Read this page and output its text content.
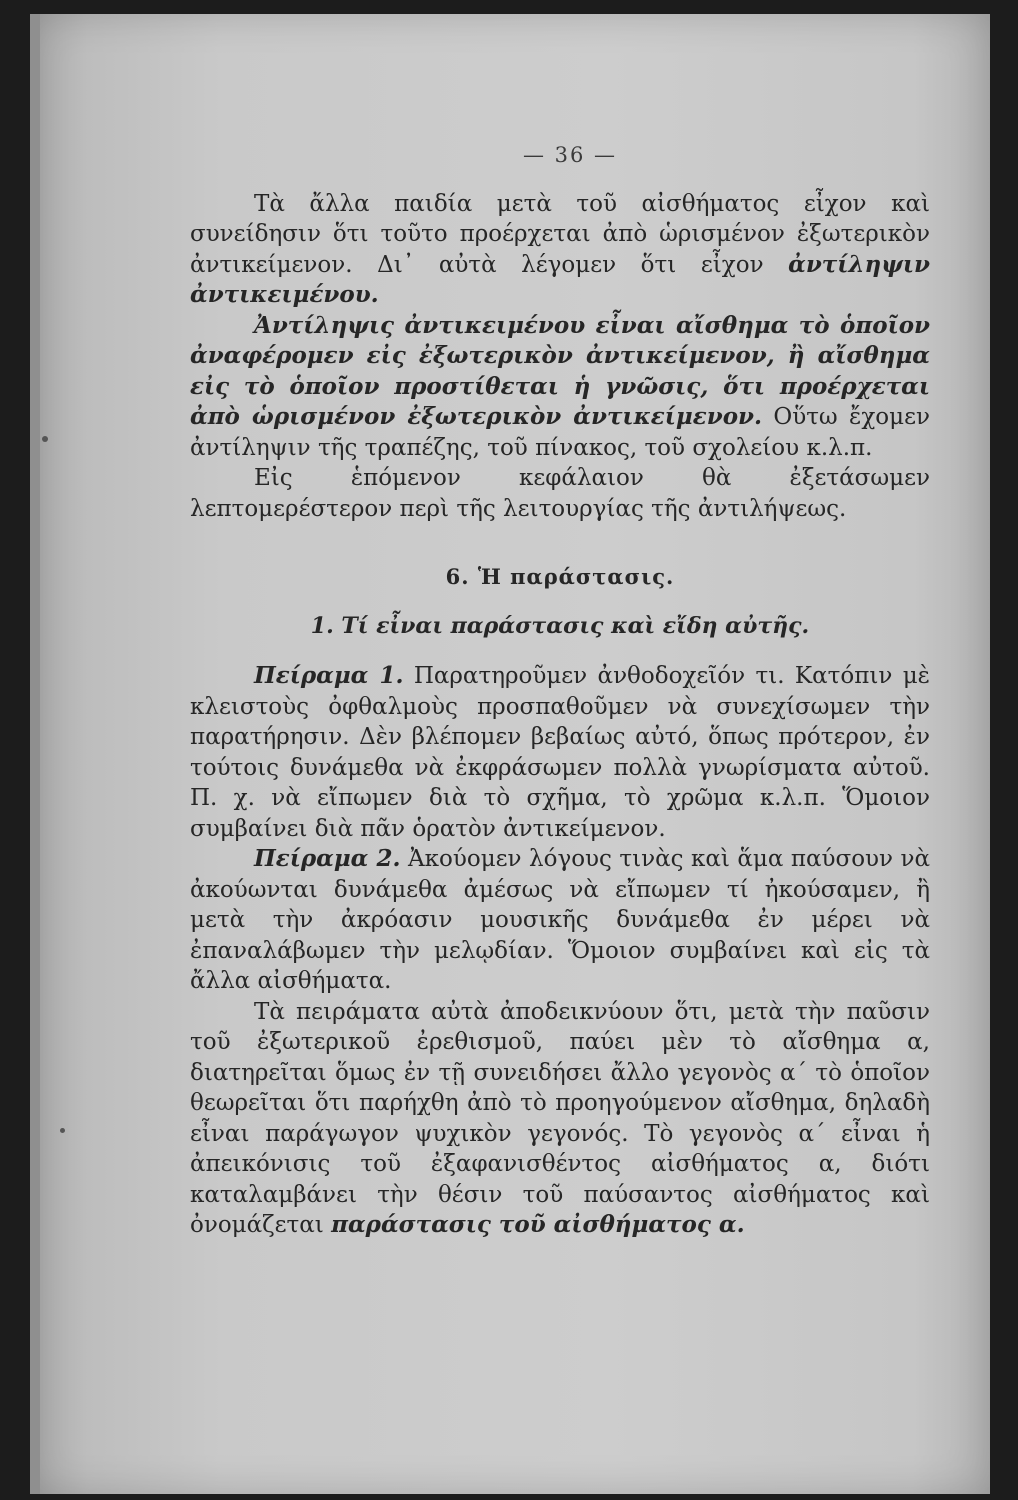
— 36 —

Τὰ ἄλλα παιδία μετὰ τοῦ αἰσθήματος εἶχον καὶ συνείδησιν ὅτι τοῦτο προέρχεται ἀπὸ ὡρισμένον ἐξωτερικὸν ἀντικείμενον. Δι᾽ αὐτὰ λέγομεν ὅτι εἶχον ἀντίληψιν ἀντικειμένου.

Ἀντίληψις ἀντικειμένου εἶναι αἴσθημα τὸ ὁποῖον ἀναφέρομεν εἰς ἐξωτερικὸν ἀντικείμενον, ἢ αἴσθημα εἰς τὸ ὁποῖον προστίθεται ἡ γνῶσις, ὅτι προέρχεται ἀπὸ ὡρισμένον ἐξωτερικὸν ἀντικείμενον. Οὕτω ἔχομεν ἀντίληψιν τῆς τραπέζης, τοῦ πίνακος, τοῦ σχολείου κ.λ.π.

Εἰς ἑπόμενον κεφάλαιον θὰ ἐξετάσωμεν λεπτομερέστερον περὶ τῆς λειτουργίας τῆς ἀντιλήψεως.

6. Ἡ παράστασις.
1. Τί εἶναι παράστασις καὶ εἴδη αὐτῆς.

Πείραμα 1. Παρατηροῦμεν ἀνθοδοχεῖόν τι. Κατόπιν μὲ κλειστοὺς ὀφθαλμοὺς προσπαθοῦμεν νὰ συνεχίσωμεν τὴν παρατήρησιν. Δὲν βλέπομεν βεβαίως αὐτό, ὅπως πρότερον, ἐν τούτοις δυνάμεθα νὰ ἐκφράσωμεν πολλὰ γνωρίσματα αὐτοῦ. Π. χ. νὰ εἴπωμεν διὰ τὸ σχῆμα, τὸ χρῶμα κ.λ.π. Ὅμοιον συμβαίνει διὰ πᾶν ὁρατὸν ἀντικείμενον.

Πείραμα 2. Ἀκούομεν λόγους τινὰς καὶ ἅμα παύσουν νὰ ἀκούωνται δυνάμεθα ἀμέσως νὰ εἴπωμεν τί ἠκούσαμεν, ἢ μετὰ τὴν ἀκρόασιν μουσικῆς δυνάμεθα ἐν μέρει νὰ ἐπαναλάβωμεν τὴν μελῳδίαν. Ὅμοιον συμβαίνει καὶ εἰς τὰ ἄλλα αἰσθήματα.

Τὰ πειράματα αὐτὰ ἀποδεικνύουν ὅτι, μετὰ τὴν παῦσιν τοῦ ἐξωτερικοῦ ἐρεθισμοῦ, παύει μὲν τὸ αἴσθημα α, διατηρεῖται ὅμως ἐν τῇ συνειδήσει ἄλλο γεγονὸς α΄ τὸ ὁποῖον θεωρεῖται ὅτι παρήχθη ἀπὸ τὸ προηγούμενον αἴσθημα, δηλαδὴ εἶναι παράγωγον ψυχικὸν γεγονός. Τὸ γεγονὸς α΄ εἶναι ἡ ἀπεικόνισις τοῦ ἐξαφανισθέντος αἰσθήματος α, διότι καταλαμβάνει τὴν θέσιν τοῦ παύσαντος αἰσθήματος καὶ ὀνομάζεται παράστασις τοῦ αἰσθήματος α.
